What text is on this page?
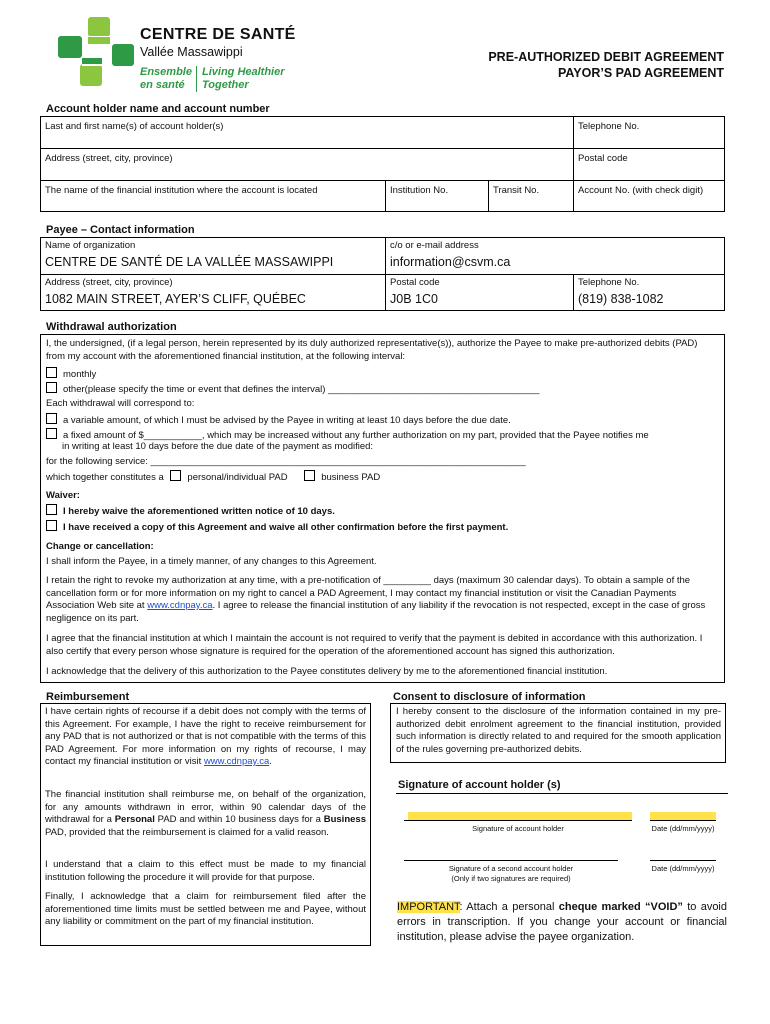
CENTRE DE SANTÉ
Vallée Massawippi
Ensemble
en santé
Living Healthier
Together
PRE-AUTHORIZED DEBIT AGREEMENT
PAYOR’S PAD AGREEMENT
Account holder name and account number
Last and first name(s) of account holder(s)	Telephone No.
Address (street, city, province)	Postal code
The name of the financial institution where the account is located	Institution No.	Transit No.	Account No. (with check digit)
Payee – Contact information
Name of organization
CENTRE DE SANTÉ DE LA VALLÉE MASSAWIPPI
c/o or e-mail address
information@csvm.ca
Address (street, city, province)
1082 MAIN STREET, AYER’S CLIFF, QUÉBEC
Postal code
J0B 1C0
Telephone No.
(819) 838-1082
Withdrawal authorization
I, the undersigned, (if a legal person, herein represented by its duly authorized representative(s)), authorize the Payee to make pre-authorized debits (PAD) from my account with the aforementioned financial institution, at the following interval:
monthly
other(please specify the time or event that defines the interval) ________________________________________
Each withdrawal will correspond to:
a variable amount, of which I must be advised by the Payee in writing at least 10 days before the due date.
a fixed amount of $___________, which may be increased without any further authorization on my part, provided that the Payee notifies me
in writing at least 10 days before the due date of the payment as modified:
for the following service: _______________________________________________________________________
which together constitutes a personal/individual PAD	business PAD
Waiver:
I hereby waive the aforementioned written notice of 10 days.
I have received a copy of this Agreement and waive all other confirmation before the first payment.
Change or cancellation:
I shall inform the Payee, in a timely manner, of any changes to this Agreement.
I retain the right to revoke my authorization at any time, with a pre-notification of _________ days (maximum 30 calendar days). To obtain a sample of the cancellation form or for more information on my right to cancel a PAD Agreement, I may contact my financial institution or visit the Canadian Payments Association Web site at www.cdnpay.ca. I agree to release the financial institution of any liability if the revocation is not respected, except in the case of gross negligence on its part.
I agree that the financial institution at which I maintain the account is not required to verify that the payment is debited in accordance with this authorization. I also certify that every person whose signature is required for the operation of the aforementioned account has signed this authorization.
I acknowledge that the delivery of this authorization to the Payee constitutes delivery by me to the aforementioned financial institution.
Reimbursement
I have certain rights of recourse if a debit does not comply with the terms of this Agreement. For example, I have the right to receive reimbursement for any PAD that is not authorized or that is not compatible with the terms of this PAD Agreement. For more information on my rights of recourse, I may contact my financial institution or visit www.cdnpay.ca.
The financial institution shall reimburse me, on behalf of the organization, for any amounts withdrawn in error, within 90 calendar days of the withdrawal for a Personal PAD and within 10 business days for a Business PAD, provided that the reimbursement is claimed for a valid reason.
I understand that a claim to this effect must be made to my financial institution following the procedure it will provide for that purpose.
Finally, I acknowledge that a claim for reimbursement filed after the aforementioned time limits must be settled between me and Payee, without any liability or commitment on the part of my financial institution.
Consent to disclosure of information
I hereby consent to the disclosure of the information contained in my pre-authorized debit enrolment agreement to the financial institution, provided such information is directly related to and required for the smooth application of the rules governing pre-authorized debits.
Signature of account holder (s)
Signature of account holder	Date (dd/mm/yyyy)
Signature of a second account holder
(Only if two signatures are required)
Date (dd/mm/yyyy)
IMPORTANT: Attach a personal cheque marked “VOID” to avoid errors in transcription. If you change your account or financial institution, please advise the payee organization.
